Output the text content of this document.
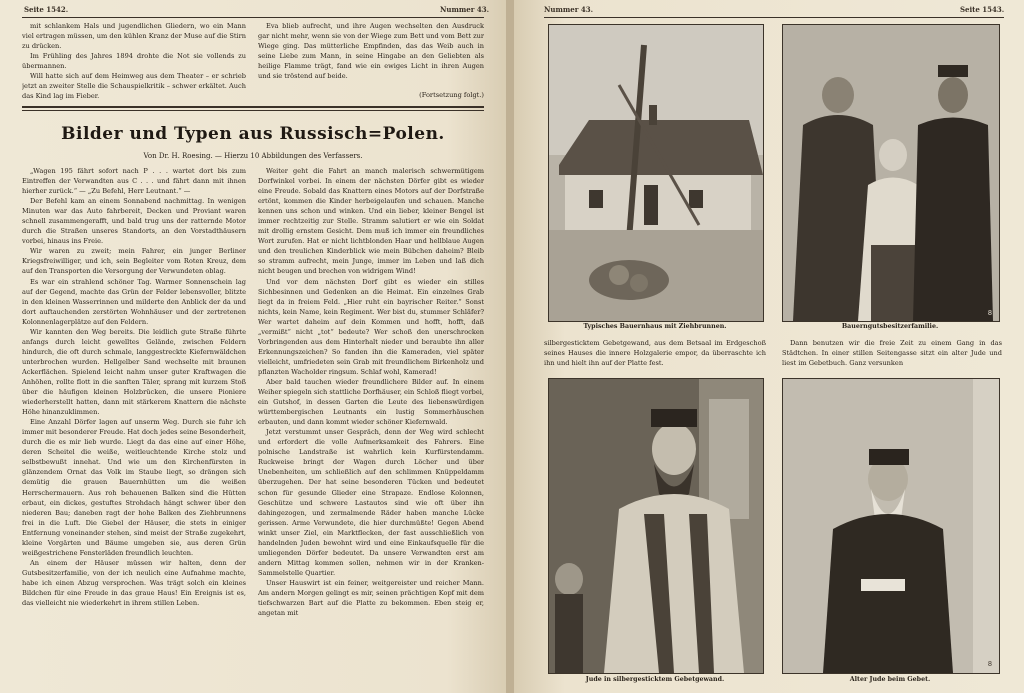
Seite 1542.	Nummer 43.

mit schlankem Hals und jugendlichen Gliedern, wo ein Mann viel ertragen müssen, um den kühlen Kranz der Muse auf die Stirn zu drücken.

Im Frühling des Jahres 1894 drohte die Not sie vollends zu übermannen.

Will hatte sich auf dem Heimweg aus dem Theater – er schrieb jetzt an zweiter Stelle die Schauspielkritik – schwer erkältet. Auch das Kind lag im Fieber.

Eva blieb aufrecht, und ihre Augen wechselten den Ausdruck gar nicht mehr, wenn sie von der Wiege zum Bett und vom Bett zur Wiege ging. Das mütterliche Empfinden, das das Weib auch in seine Liebe zum Mann, in seine Hingabe an den Geliebten als heilige Flamme trägt, fand wie ein ewiges Licht in ihren Augen und sie tröstend auf beide.

(Fortsetzung folgt.)
Bilder und Typen aus Russisch=Polen.
Von Dr. H. Roesing. — Hierzu 10 Abbildungen des Verfassers.

„Wagen 195 fährt sofort nach P . . . wartet dort bis zum Eintreffen der Verwandten aus C . . . und fährt dann mit ihnen hierher zurück.“ — „Zu Befehl, Herr Leutnant.“ —

Der Befehl kam an einem Sonnabend nachmittag. In wenigen Minuten war das Auto fahrbereit, Decken und Proviant waren schnell zusammengerafft, und bald trug uns der ratternde Motor durch die Straßen unseres Standorts, an den Vorstadthäusern vorbei, hinaus ins Freie.

Wir waren zu zweit; mein Fahrer, ein junger Berliner Kriegsfreiwilliger, und ich, sein Begleiter vom Roten Kreuz, dem auf den Transporten die Versorgung der Verwundeten oblag.

Es war ein strahlend schöner Tag. Warmer Sonnenschein lag auf der Gegend, machte das Grün der Felder lebensvoller, blitzte in den kleinen Wasserrinnen und milderte den Anblick der da und dort auftauchenden zerstörten Wohnhäuser und der zertretenen Kolonnenlagerplätze auf den Feldern.

Wir kannten den Weg bereits. Die leidlich gute Straße führte anfangs durch leicht gewelltes Gelände, zwischen Feldern hindurch, die oft durch schmale, langgestreckte Kiefernwäldchen unterbrochen wurden. Hellgelber Sand wechselte mit braunen Ackerflächen. Spielend leicht nahm unser guter Kraftwagen die Anhöhen, rollte flott in die sanften Täler, sprang mit kurzem Stoß über die häufigen kleinen Holzbrücken, die unsere Pioniere wiederherstellt hatten, dann mit stärkerem Knattern die nächste Höhe hinanzuklimmen.

Eine Anzahl Dörfer lagen auf unserm Weg. Durch sie fuhr ich immer mit besonderer Freude. Hat doch jedes seine Besonderheit, durch die es mir lieb wurde. Liegt da das eine auf einer Höhe, deren Scheitel die weiße, weitleuchtende Kirche stolz und selbstbewußt innehat. Und wie um den Kirchenfürsten in glänzendem Ornat das Volk im Staube liegt, so drängen sich demütig die grauen Bauernhütten um die weißen Herrschermauern. Aus roh behauenen Balken sind die Hütten erbaut, ein dickes, gestuftes Strohdach hängt schwer über den niederen Bau; daneben ragt der hohe Balken des Ziehbrunnens frei in die Luft. Die Giebel der Häuser, die stets in einiger Entfernung voneinander stehen, sind meist der Straße zugekehrt, kleine Vorgärten und Bäume umgeben sie, aus deren Grün weißgestrichene Fensterläden freundlich leuchten.

An einem der Häuser müssen wir halten, denn der Gutsbesitzerfamilie, von der ich neulich eine Aufnahme machte, habe ich einen Abzug versprochen. Was trägt solch ein kleines Bildchen für eine Freude in das graue Haus! Ein Ereignis ist es, das vielleicht nie wiederkehrt in ihrem stillen Leben.

Weiter geht die Fahrt an manch malerisch schwermütigem Dorfwinkel vorbei. In einem der nächsten Dörfer gibt es wieder eine Freude. Sobald das Knattern eines Motors auf der Dorfstraße ertönt, kommen die Kinder herbeigelaufen und schauen. Manche kennen uns schon und winken. Und ein lieber, kleiner Bengel ist immer rechtzeitig zur Stelle. Stramm salutiert er wie ein Soldat mit drollig ernstem Gesicht. Dem muß ich immer ein freundliches Wort zurufen. Hat er nicht lichtblonden Haar und hellblaue Augen und den treulichen Kinderblick wie mein Bübchen daheim? Bleib so stramm aufrecht, mein Junge, immer im Leben und laß dich nicht beugen und brechen von widrigem Wind!

Und vor dem nächsten Dorf gibt es wieder ein stilles Sichbesinnen und Gedenken an die Heimat. Ein einzelnes Grab liegt da in freiem Feld. „Hier ruht ein bayrischer Reiter.“ Sonst nichts, kein Name, kein Regiment. Wer bist du, stummer Schläfer? Wer wartet daheim auf dein Kommen und hofft, hofft, daß „vermißt“ nicht „tot“ bedeute? Wer schoß den unerschrocken Vorbringenden aus dem Hinterhalt nieder und beraubte ihn aller Erkennungszeichen? So fanden ihn die Kameraden, viel später vielleicht, umfriedeten sein Grab mit freundlichem Birkenholz und pflanzten Wacholder ringsum. Schlaf wohl, Kamerad!

Aber bald tauchen wieder freundlichere Bilder auf. In einem Weiher spiegeln sich stattliche Dorfhäuser, ein Schloß fliegt vorbei, ein Gutshof, in dessen Garten die Leute des liebenswürdigen württembergischen Leutnants ein lustig Sommerhäuschen erbauten, und dann kommt wieder schöner Kiefernwald.

Jetzt verstummt unser Gespräch, denn der Weg wird schlecht und erfordert die volle Aufmerksamkeit des Fahrers. Eine polnische Landstraße ist wahrlich kein Kurfürstendamm. Ruckweise bringt der Wagen durch Löcher und über Unebenheiten, um schließlich auf den schlimmen Knüppeldamm überzugehen. Der hat seine besonderen Tücken und bedeutet schon für gesunde Glieder eine Strapaze. Endlose Kolonnen, Geschütze und schwere Lastautos sind wie oft über ihn dahingezogen, und zermalmende Räder haben manche Lücke gerissen. Arme Verwundete, die hier durchmüßte! Gegen Abend winkt unser Ziel, ein Marktflecken, der fast ausschließlich von handelnden Juden bewohnt wird und eine Einkaufsquelle für die umliegenden Dörfer bedeutet. Da unsere Verwandten erst am andern Mittag kommen sollen, nehmen wir in der Kranken-Sammelstelle Quartier.

Unser Hauswirt ist ein feiner, weitgereister und reicher Mann. Am andern Morgen gelingt es mir, seinen prächtigen Kopf mit dem tiefschwarzen Bart auf die Platte zu bekommen. Eben steig er, angetan mit

Nummer 43.	Seite 1543.
Typisches Bauernhaus mit Ziehbrunnen.
8
Bauerngutsbesitzerfamilie.

silbergesticktem Gebetgewand, aus dem Betsaal im Erdgeschoß seines Hauses die innere Holzgalerie empor, da überraschte ich ihn und hielt ihn auf der Platte fest.

Dann benutzen wir die freie Zeit zu einem Gang in das Städtchen. In einer stillen Seitengasse sitzt ein alter Jude und liest im Gebetbuch. Ganz versunken

Jude in silbergesticktem Gebetgewand.
8
Alter Jude beim Gebet.
